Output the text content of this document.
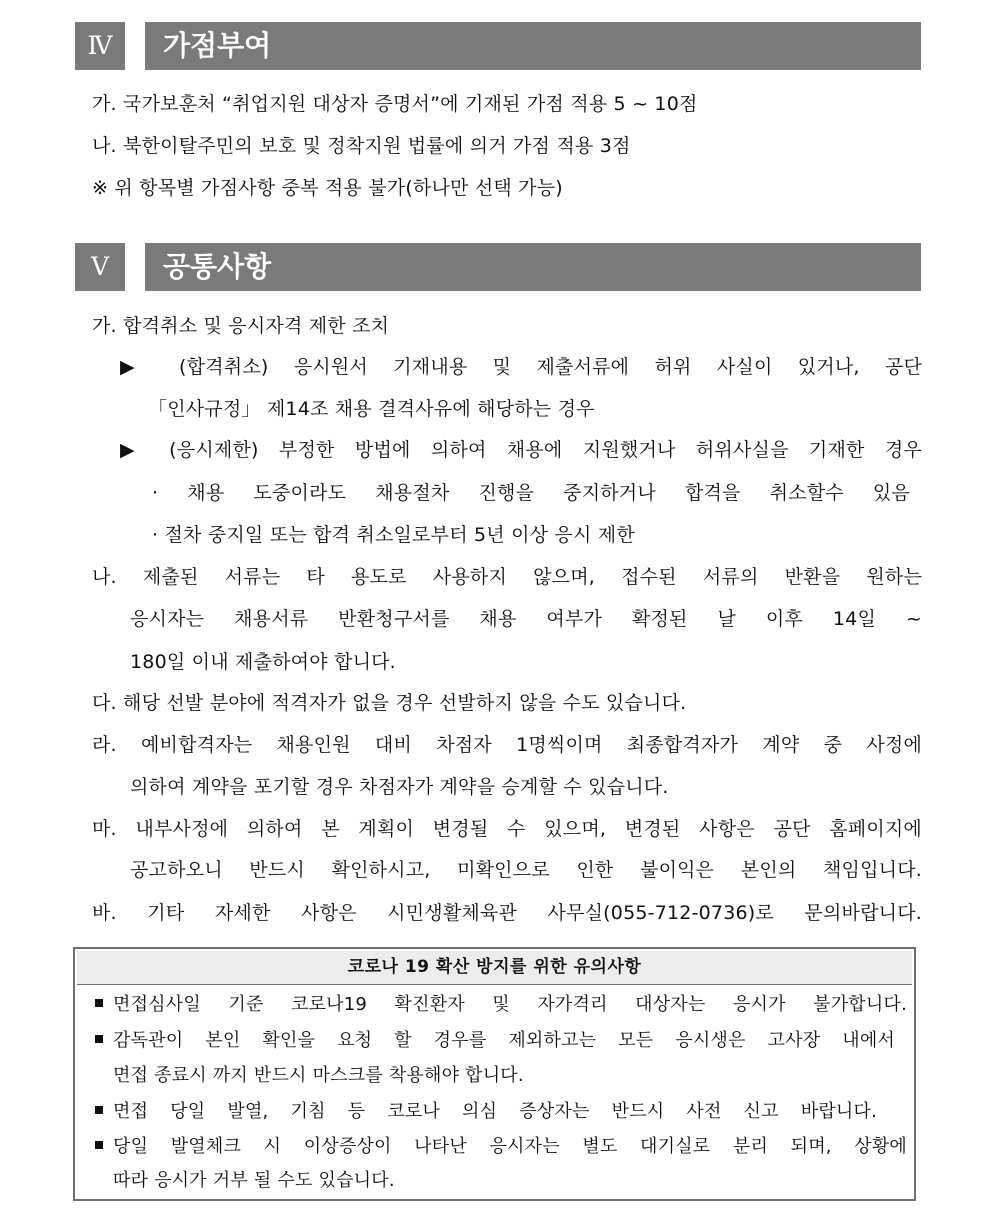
Ⅳ	가점부여
가. 국가보훈처 “취업지원 대상자 증명서”에 기재된 가점 적용 5 ~ 10점
나. 북한이탈주민의 보호 및 정착지원 법률에 의거 가점 적용 3점
※ 위 항목별 가점사항 중복 적용 불가(하나만 선택 가능)
Ⅴ	공통사항
가. 합격취소 및 응시자격 제한 조치
▶ (합격취소) 응시원서 기재내용 및 제출서류에 허위 사실이 있거나, 공단
「인사규정」 제14조 채용 결격사유에 해당하는 경우
▶ (응시제한) 부정한 방법에 의하여 채용에 지원했거나 허위사실을 기재한 경우
· 채용 도중이라도 채용절차 진행을 중지하거나 합격을 취소할수 있음
· 절차 중지일 또는 합격 취소일로부터 5년 이상 응시 제한
나. 제출된 서류는 타 용도로 사용하지 않으며, 접수된 서류의 반환을 원하는
응시자는 채용서류 반환청구서를 채용 여부가 확정된 날 이후 14일 ~
180일 이내 제출하여야 합니다.
다. 해당 선발 분야에 적격자가 없을 경우 선발하지 않을 수도 있습니다.
라. 예비합격자는 채용인원 대비 차점자 1명씩이며 최종합격자가 계약 중 사정에
의하여 계약을 포기할 경우 차점자가 계약을 승계할 수 있습니다.
마. 내부사정에 의하여 본 계획이 변경될 수 있으며, 변경된 사항은 공단 홈페이지에
공고하오니 반드시 확인하시고, 미확인으로 인한 불이익은 본인의 책임입니다.
바. 기타 자세한 사항은 시민생활체육관 사무실(055-712-0736)로 문의바랍니다.
코로나 19 확산 방지를 위한 유의사항
면접심사일 기준 코로나19 확진환자 및 자가격리 대상자는 응시가 불가합니다.
감독관이 본인 확인을 요청 할 경우를 제외하고는 모든 응시생은 고사장 내에서
면접 종료시 까지 반드시 마스크를 착용해야 합니다.
면접 당일 발열, 기침 등 코로나 의심 증상자는 반드시 사전 신고 바랍니다.
당일 발열체크 시 이상증상이 나타난 응시자는 별도 대기실로 분리 되며, 상황에
따라 응시가 거부 될 수도 있습니다.
